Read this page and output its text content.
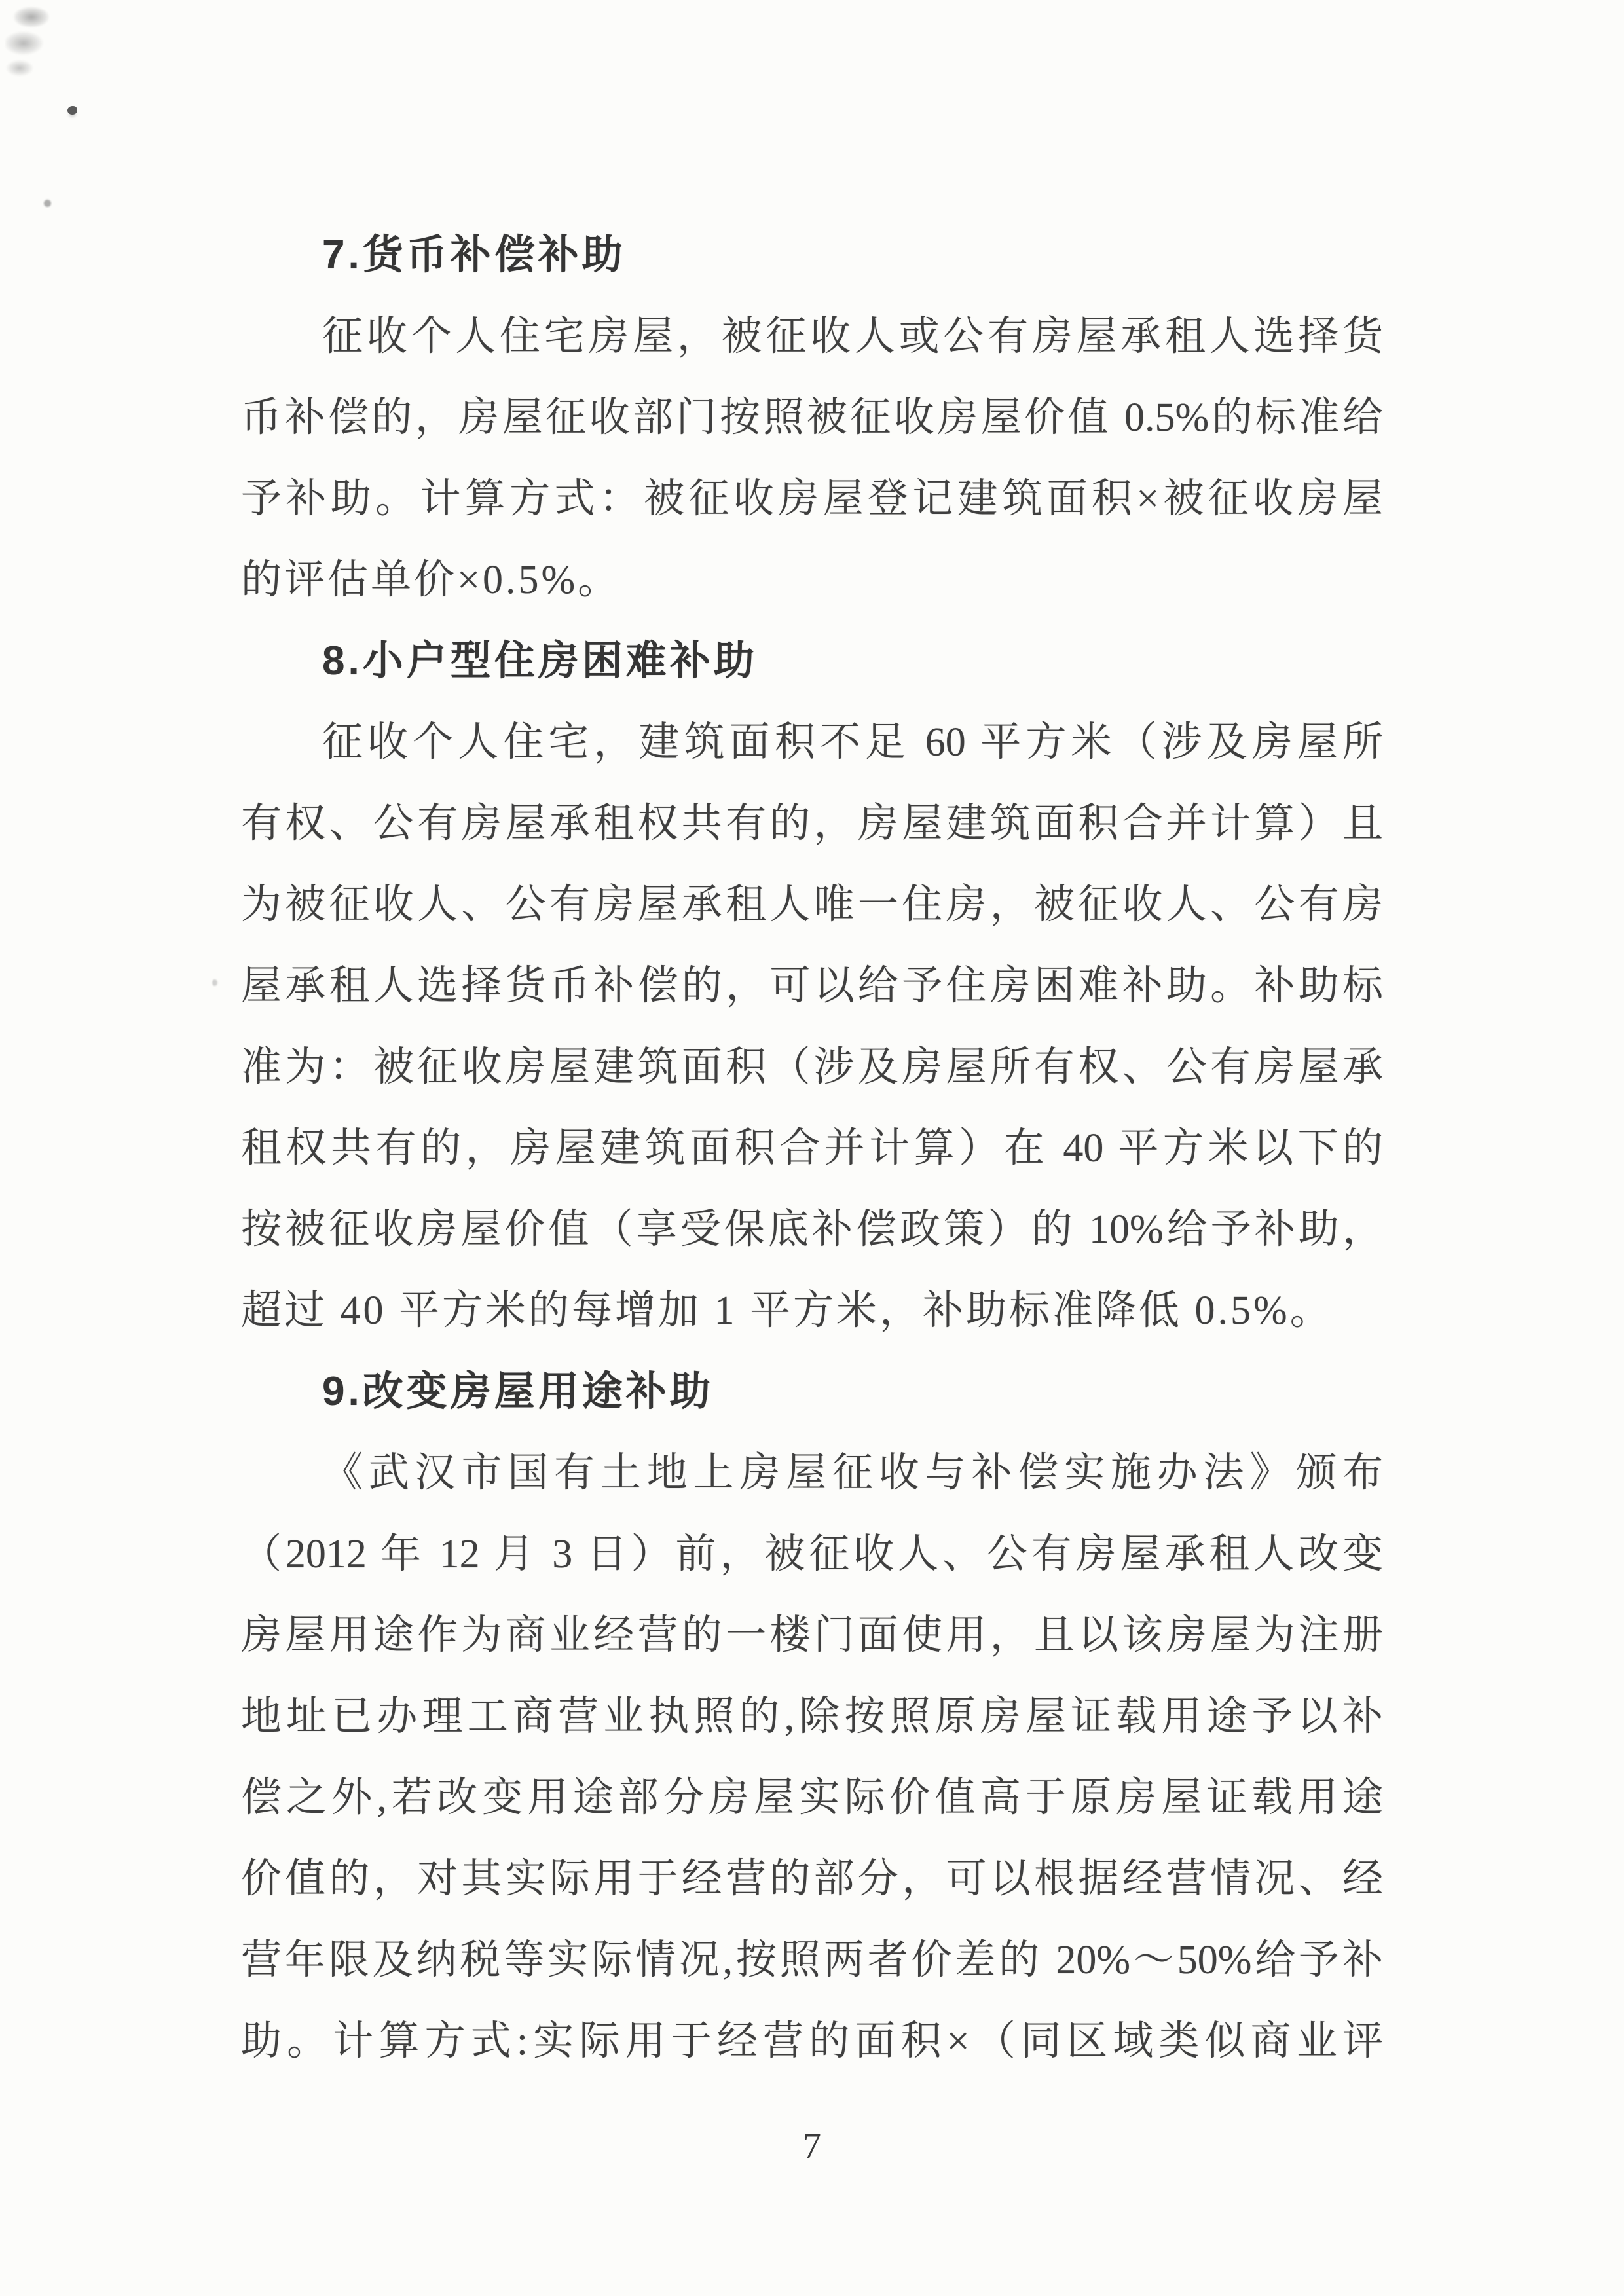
7.货币补偿补助
征收个人住宅房屋，被征收人或公有房屋承租人选择货
币补偿的，房屋征收部门按照被征收房屋价值 0.5%的标准给
予补助。计算方式：被征收房屋登记建筑面积×被征收房屋
的评估单价×0.5%。
8.小户型住房困难补助
征收个人住宅，建筑面积不足 60 平方米（涉及房屋所
有权、公有房屋承租权共有的，房屋建筑面积合并计算）且
为被征收人、公有房屋承租人唯一住房，被征收人、公有房
屋承租人选择货币补偿的，可以给予住房困难补助。补助标
准为：被征收房屋建筑面积（涉及房屋所有权、公有房屋承
租权共有的，房屋建筑面积合并计算）在 40 平方米以下的
按被征收房屋价值（享受保底补偿政策）的 10%给予补助，
超过 40 平方米的每增加 1 平方米，补助标准降低 0.5%。
9.改变房屋用途补助
《武汉市国有土地上房屋征收与补偿实施办法》颁布
（2012 年 12 月 3 日）前，被征收人、公有房屋承租人改变
房屋用途作为商业经营的一楼门面使用，且以该房屋为注册
地址已办理工商营业执照的,除按照原房屋证载用途予以补
偿之外,若改变用途部分房屋实际价值高于原房屋证载用途
价值的，对其实际用于经营的部分，可以根据经营情况、经
营年限及纳税等实际情况,按照两者价差的 20%～50%给予补
助。计算方式:实际用于经营的面积×（同区域类似商业评
7
